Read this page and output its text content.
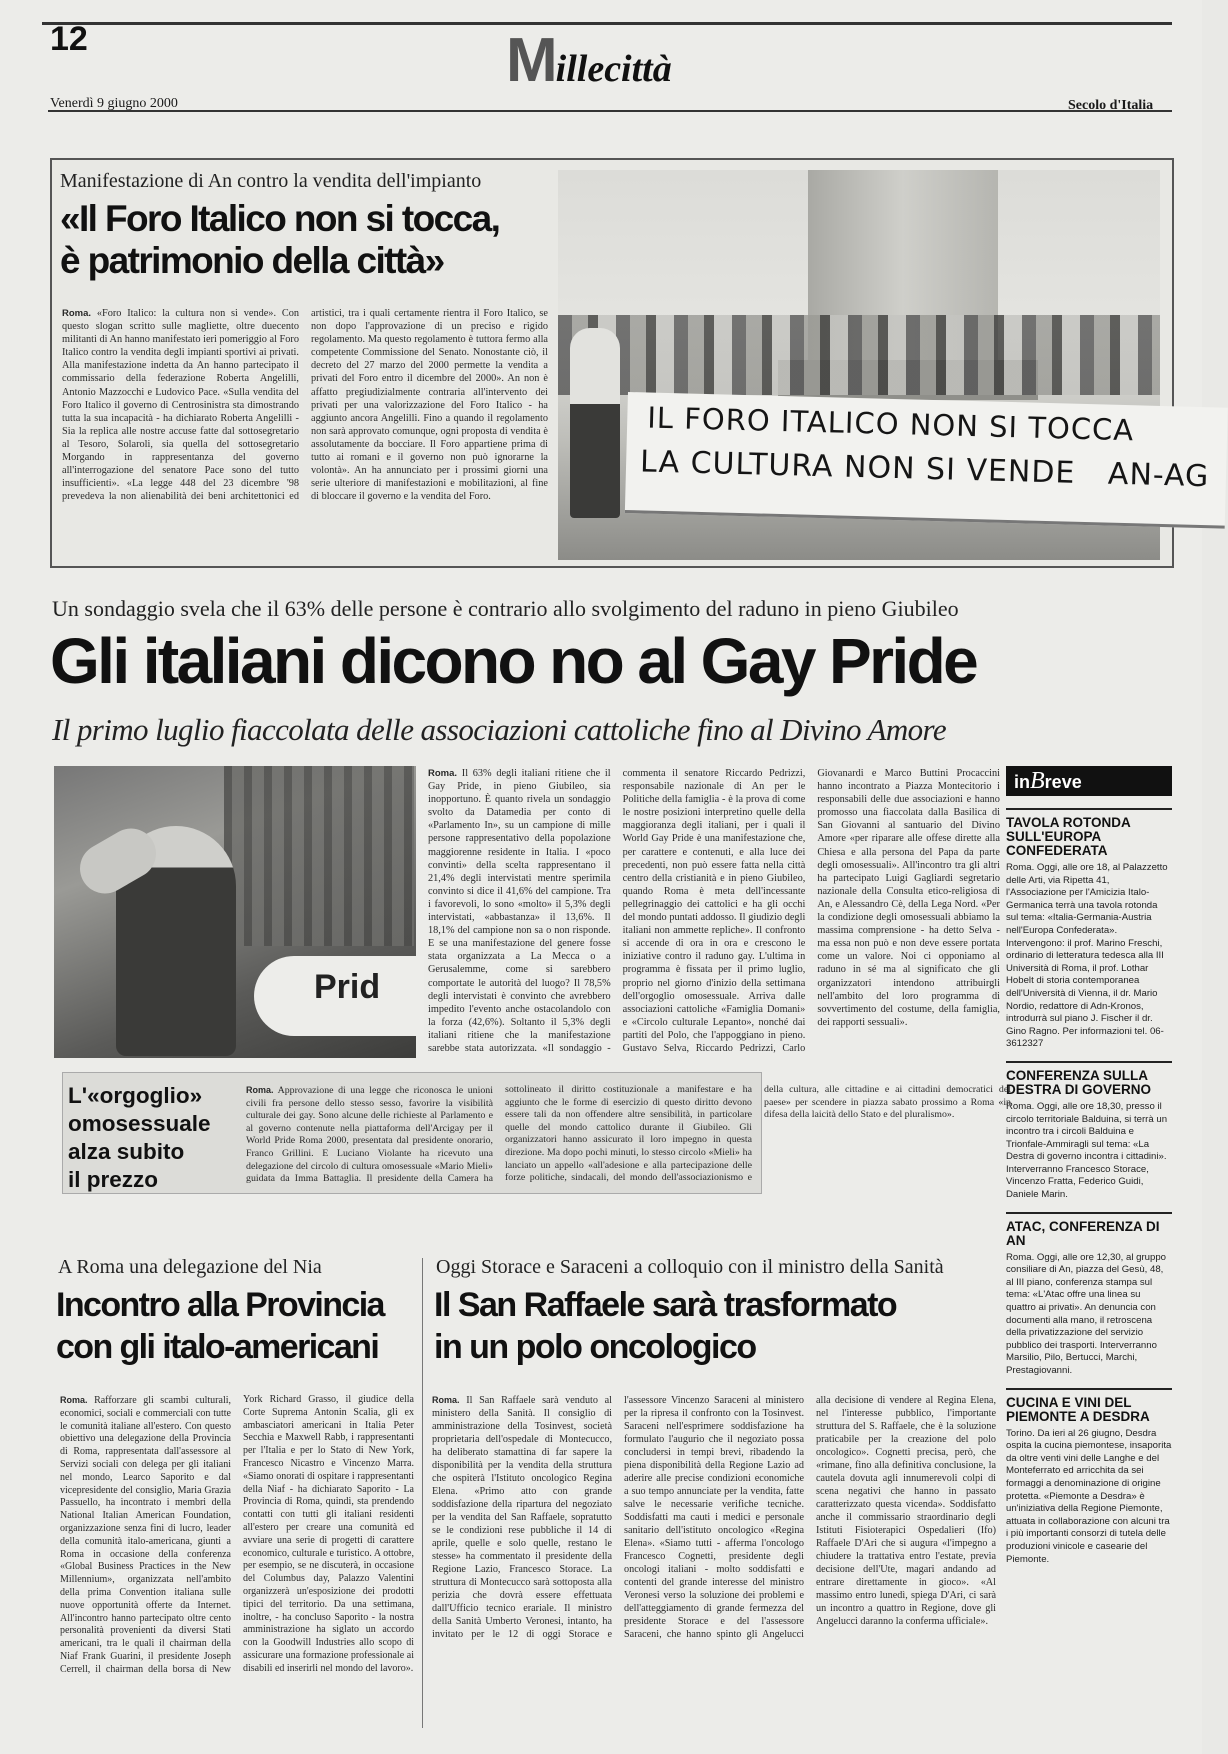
12	Millecittà
Venerdì 9 giugno 2000	Secolo d'Italia
Manifestazione di An contro la vendita dell'impianto
«Il Foro Italico non si tocca,
è patrimonio della città»

Roma. «Foro Italico: la cultura non si vende». Con questo slogan scritto sulle magliette, oltre duecento militanti di An hanno manifestato ieri pomeriggio al Foro Italico contro la vendita degli impianti sportivi ai privati. Alla manifestazione indetta da An hanno partecipato il commissario della federazione Roberta Angelilli, Antonio Mazzocchi e Ludovico Pace. «Sulla vendita del Foro Italico il governo di Centrosinistra sta dimostrando tutta la sua incapacità - ha dichiarato Roberta Angelilli - Sia la replica alle nostre accuse fatte dal sottosegretario al Tesoro, Solaroli, sia quella del sottosegretario Morgando in rappresentanza del governo all'interrogazione del senatore Pace sono del tutto insufficienti». «La legge 448 del 23 dicembre '98 prevedeva la non alienabilità dei beni architettonici ed artistici, tra i quali certamente rientra il Foro Italico, se non dopo l'approvazione di un preciso e rigido regolamento. Ma questo regolamento è tuttora fermo alla competente Commissione del Senato. Nonostante ciò, il decreto del 27 marzo del 2000 permette la vendita a privati del Foro entro il dicembre del 2000». An non è affatto pregiudizialmente contraria all'intervento dei privati per una valorizzazione del Foro Italico - ha aggiunto ancora Angelilli. Fino a quando il regolamento non sarà approvato comunque, ogni proposta di vendita è assolutamente da bocciare. Il Foro appartiene prima di tutto ai romani e il governo non può ignorarne la volontà». An ha annunciato per i prossimi giorni una serie ulteriore di manifestazioni e mobilitazioni, al fine di bloccare il governo e la vendita del Foro.

IL FORO ITALICO NON SI TOCCA
LA CULTURA NON SI VENDE AN-AG
Un sondaggio svela che il 63% delle persone è contrario allo svolgimento del raduno in pieno Giubileo
Gli italiani dicono no al Gay Pride
Il primo luglio fiaccolata delle associazioni cattoliche fino al Divino Amore
Prid

Roma. Il 63% degli italiani ritiene che il Gay Pride, in pieno Giubileo, sia inopportuno. È quanto rivela un sondaggio svolto da Datamedia per conto di «Parlamento In», su un campione di mille persone rappresentativo della popolazione maggiorenne residente in Italia. I «poco convinti» della scelta rappresentano il 21,4% degli intervistati mentre sperimila convinto si dice il 41,6% del campione. Tra i favorevoli, lo sono «molto» il 5,3% degli intervistati, «abbastanza» il 13,6%. Il 18,1% del campione non sa o non risponde. E se una manifestazione del genere fosse stata organizzata a La Mecca o a Gerusalemme, come si sarebbero comportate le autorità del luogo? Il 78,5% degli intervistati è convinto che avrebbero impedito l'evento anche ostacolandolo con la forza (42,6%). Soltanto il 5,3% degli italiani ritiene che la manifestazione sarebbe stata autorizzata. «Il sondaggio - commenta il senatore Riccardo Pedrizzi, responsabile nazionale di An per le Politiche della famiglia - è la prova di come le nostre posizioni interpretino quelle della maggioranza degli italiani, per i quali il World Gay Pride è una manifestazione che, per carattere e contenuti, e alla luce dei precedenti, non può essere fatta nella città centro della cristianità e in pieno Giubileo, quando Roma è meta dell'incessante pellegrinaggio dei cattolici e ha gli occhi del mondo puntati addosso. Il giudizio degli italiani non ammette repliche». Il confronto si accende di ora in ora e crescono le iniziative contro il raduno gay. L'ultima in programma è fissata per il primo luglio, proprio nel giorno d'inizio della settimana dell'orgoglio omosessuale. Arriva dalle associazioni cattoliche «Famiglia Domani» e «Circolo culturale Lepanto», nonché dai partiti del Polo, che l'appoggiano in pieno. Gustavo Selva, Riccardo Pedrizzi, Carlo Giovanardi e Marco Buttini Procaccini hanno incontrato a Piazza Montecitorio i responsabili delle due associazioni e hanno promosso una fiaccolata dalla Basilica di San Giovanni al santuario del Divino Amore «per riparare alle offese dirette alla Chiesa e alla persona del Papa da parte degli omosessuali». All'incontro tra gli altri ha partecipato Luigi Gagliardi segretario nazionale della Consulta etico-religiosa di An, e Alessandro Cè, della Lega Nord. «Per la condizione degli omosessuali abbiamo la massima comprensione - ha detto Selva - ma essa non può e non deve essere portata come un valore. Noi ci opponiamo al raduno in sé ma al significato che gli organizzatori intendono attribuirgli nell'ambito del loro programma di sovvertimento del costume, della famiglia, dei rapporti sessuali».

L'«orgoglio»
omosessuale
alza subito
il prezzo

Roma. Approvazione di una legge che riconosca le unioni civili fra persone dello stesso sesso, favorire la visibilità culturale dei gay. Sono alcune delle richieste al Parlamento e al governo contenute nella piattaforma dell'Arcigay per il World Pride Roma 2000, presentata dal presidente onorario, Franco Grillini. E Luciano Violante ha ricevuto una delegazione del circolo di cultura omosessuale «Mario Mieli» guidata da Imma Battaglia. Il presidente della Camera ha sottolineato il diritto costituzionale a manifestare e ha aggiunto che le forme di esercizio di questo diritto devono essere tali da non offendere altre sensibilità, in particolare quelle del mondo cattolico durante il Giubileo. Gli organizzatori hanno assicurato il loro impegno in questa direzione. Ma dopo pochi minuti, lo stesso circolo «Mieli» ha lanciato un appello «all'adesione e alla partecipazione delle forze politiche, sindacali, del mondo dell'associazionismo e della cultura, alle cittadine e ai cittadini democratici del paese» per scendere in piazza sabato prossimo a Roma «in difesa della laicità dello Stato e del pluralismo».

inBreve
TAVOLA ROTONDA SULL'EUROPA CONFEDERATA

Roma. Oggi, alle ore 18, al Palazzetto delle Arti, via Ripetta 41, l'Associazione per l'Amicizia Italo-Germanica terrà una tavola rotonda sul tema: «Italia-Germania-Austria nell'Europa Confederata». Intervengono: il prof. Marino Freschi, ordinario di letteratura tedesca alla III Università di Roma, il prof. Lothar Hobelt di storia contemporanea dell'Università di Vienna, il dr. Mario Nordio, redattore di Adn-Kronos, introdurrà sul piano J. Fischer il dr. Gino Ragno. Per informazioni tel. 06-3612327

CONFERENZA SULLA DESTRA DI GOVERNO

Roma. Oggi, alle ore 18,30, presso il circolo territoriale Balduina, si terrà un incontro tra i circoli Balduina e Trionfale-Ammiragli sul tema: «La Destra di governo incontra i cittadini». Interverranno Francesco Storace, Vincenzo Fratta, Federico Guidi, Daniele Marin.

ATAC, CONFERENZA DI AN

Roma. Oggi, alle ore 12,30, al gruppo consiliare di An, piazza del Gesù, 48, al III piano, conferenza stampa sul tema: «L'Atac offre una linea su quattro ai privati». An denuncia con documenti alla mano, il retroscena della privatizzazione del servizio pubblico dei trasporti. Interverranno Marsilio, Pilo, Bertucci, Marchi, Prestagiovanni.

CUCINA E VINI DEL PIEMONTE A DESDRA

Torino. Da ieri al 26 giugno, Desdra ospita la cucina piemontese, insaporita da oltre venti vini delle Langhe e del Monteferrato ed arricchita da sei formaggi a denominazione di origine protetta. «Piemonte a Desdra» è un'iniziativa della Regione Piemonte, attuata in collaborazione con alcuni tra i più importanti consorzi di tutela delle produzioni vinicole e casearie del Piemonte.

A Roma una delegazione del Nia
Incontro alla Provincia
con gli italo-americani

Roma. Rafforzare gli scambi culturali, economici, sociali e commerciali con tutte le comunità italiane all'estero. Con questo obiettivo una delegazione della Provincia di Roma, rappresentata dall'assessore al Servizi sociali con delega per gli italiani nel mondo, Learco Saporito e dal vicepresidente del consiglio, Maria Grazia Passuello, ha incontrato i membri della National Italian American Foundation, organizzazione senza fini di lucro, leader della comunità italo-americana, giunti a Roma in occasione della conferenza «Global Business Practices in the New Millennium», organizzata nell'ambito della prima Convention italiana sulle nuove opportunità offerte da Internet. All'incontro hanno partecipato oltre cento personalità provenienti da diversi Stati americani, tra le quali il chairman della Niaf Frank Guarini, il presidente Joseph Cerrell, il chairman della borsa di New York Richard Grasso, il giudice della Corte Suprema Antonin Scalia, gli ex ambasciatori americani in Italia Peter Secchia e Maxwell Rabb, i rappresentanti per l'Italia e per lo Stato di New York, Francesco Nicastro e Vincenzo Marra. «Siamo onorati di ospitare i rappresentanti della Niaf - ha dichiarato Saporito - La Provincia di Roma, quindi, sta prendendo contatti con tutti gli italiani residenti all'estero per creare una comunità ed avviare una serie di progetti di carattere economico, culturale e turistico. A ottobre, per esempio, se ne discuterà, in occasione del Columbus day, Palazzo Valentini organizzerà un'esposizione dei prodotti tipici del territorio. Da una settimana, inoltre, - ha concluso Saporito - la nostra amministrazione ha siglato un accordo con la Goodwill Industries allo scopo di assicurare una formazione professionale ai disabili ed inserirli nel mondo del lavoro».

Oggi Storace e Saraceni a colloquio con il ministro della Sanità
Il San Raffaele sarà trasformato
in un polo oncologico

Roma. Il San Raffaele sarà venduto al ministero della Sanità. Il consiglio di amministrazione della Tosinvest, società proprietaria dell'ospedale di Montecucco, ha deliberato stamattina di far sapere la disponibilità per la vendita della struttura che ospiterà l'Istituto oncologico Regina Elena. «Primo atto con grande soddisfazione della ripartura del negoziato per la vendita del San Raffaele, sopratutto se le condizioni rese pubbliche il 14 di aprile, quelle e solo quelle, restano le stesse» ha commentato il presidente della Regione Lazio, Francesco Storace. La struttura di Montecucco sarà sottoposta alla perizia che dovrà essere effettuata dall'Ufficio tecnico erariale. Il ministro della Sanità Umberto Veronesi, intanto, ha invitato per le 12 di oggi Storace e l'assessore Vincenzo Saraceni al ministero per la ripresa il confronto con la Tosinvest. Saraceni nell'esprimere soddisfazione ha formulato l'augurio che il negoziato possa concludersi in tempi brevi, ribadendo la piena disponibilità della Regione Lazio ad aderire alle precise condizioni economiche a suo tempo annunciate per la vendita, fatte salve le necessarie verifiche tecniche. Soddisfatti ma cauti i medici e personale sanitario dell'istituto oncologico «Regina Elena». «Siamo tutti - afferma l'oncologo Francesco Cognetti, presidente degli oncologi italiani - molto soddisfatti e contenti del grande interesse del ministro Veronesi verso la soluzione dei problemi e dell'atteggiamento di grande fermezza del presidente Storace e del l'assessore Saraceni, che hanno spinto gli Angelucci alla decisione di vendere al Regina Elena, nel l'interesse pubblico, l'importante struttura del S. Raffaele, che è la soluzione praticabile per la creazione del polo oncologico». Cognetti precisa, però, che «rimane, fino alla definitiva conclusione, la cautela dovuta agli innumerevoli colpi di scena negativi che hanno in passato caratterizzato questa vicenda». Soddisfatto anche il commissario straordinario degli Istituti Fisioterapici Ospedalieri (Ifo) Raffaele D'Ari che si augura «l'impegno a chiudere la trattativa entro l'estate, previa decisione dell'Ute, magari andando ad entrare direttamente in gioco». «Al massimo entro lunedì, spiega D'Ari, ci sarà un incontro a quattro in Regione, dove gli Angelucci daranno la conferma ufficiale».
